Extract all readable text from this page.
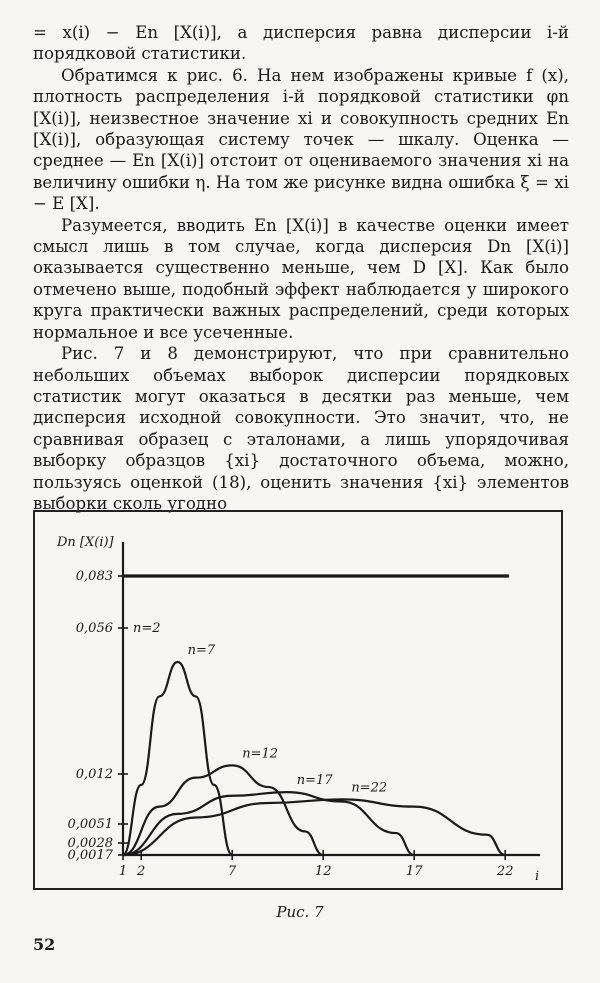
= x(i) − En [X(i)], а дисперсия равна дисперсии i-й порядковой статистики.

Обратимся к рис. 6. На нем изображены кривые f (x), плотность распределения i-й порядковой статистики φn [X(i)], неизвестное значение xi и совокупность средних En [X(i)], образующая систему точек — шкалу. Оценка — среднее — En [X(i)] отстоит от оцениваемого значения xi на величину ошибки η. На том же рисунке видна ошибка ξ = xi − E [X].

Разумеется, вводить En [X(i)] в качестве оценки имеет смысл лишь в том случае, когда дисперсия Dn [X(i)] оказывается существенно меньше, чем D [X]. Как было отмечено выше, подобный эффект наблюдается у широкого круга практически важных распределений, среди которых нормальное и все усеченные.

Рис. 7 и 8 демонстрируют, что при сравнительно небольших объемах выборок дисперсии порядковых статистик могут оказаться в десятки раз меньше, чем дисперсия исходной совокупности. Это значит, что, не сравнивая образец с эталонами, а лишь упорядочивая выборку образцов {xi} достаточного объема, можно, пользуясь оценкой (18), оценить значения {xi} элементов выборки сколь угодно

Dn [X(i)]
i
0,083
0,056
0,012
0,0051
0,0028
0,0017
1 2	7	12	17	22
n=2
n=7
n=12
n=17 n=22
Рис. 7
52
